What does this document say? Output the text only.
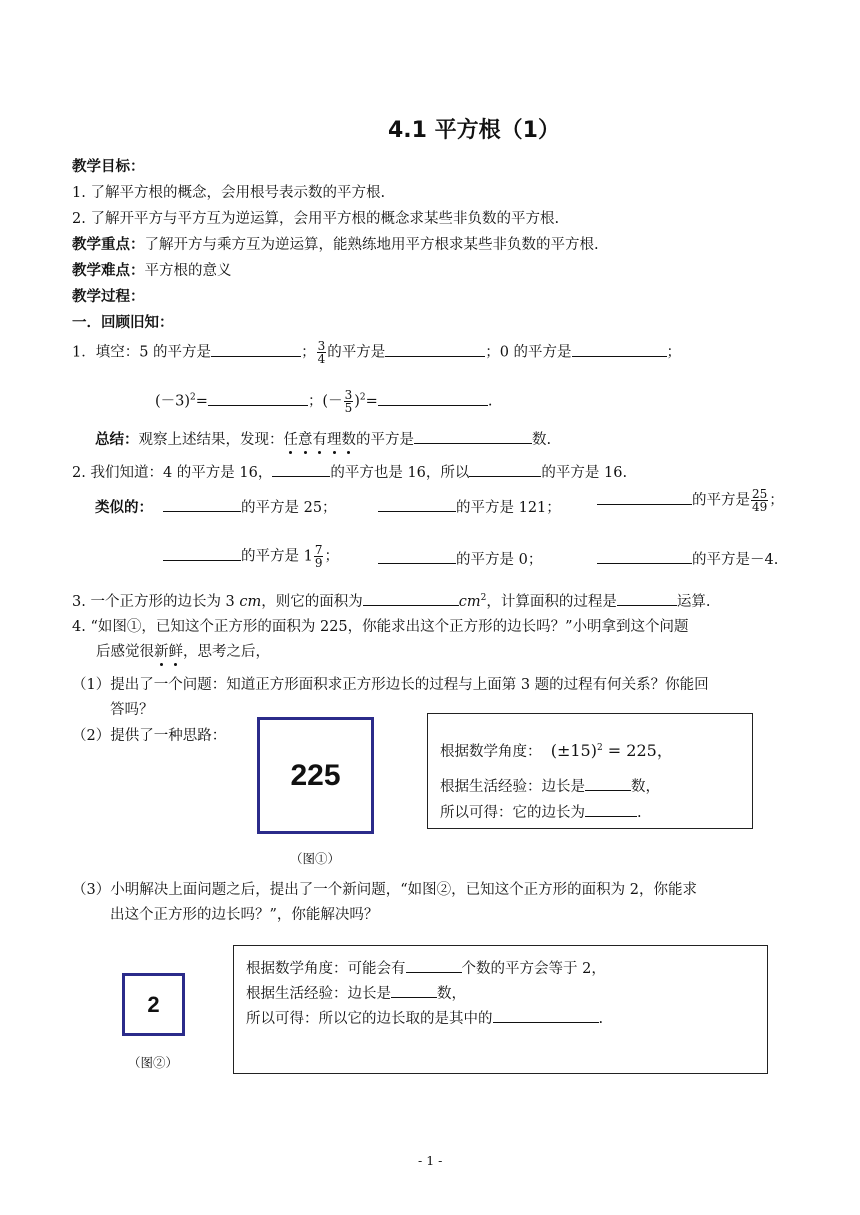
4.1 平方根（1）
教学目标：
1. 了解平方根的概念，会用根号表示数的平方根.
2. 了解开平方与平方互为逆运算，会用平方根的概念求某些非负数的平方根.
教学重点：了解开方与乘方互为逆运算，能熟练地用平方根求某些非负数的平方根.
教学难点：平方根的意义
教学过程：
一．回顾旧知：
1．填空：5 的平方是	； $\frac{3}{4}$ 的平方是	；0 的平方是	；
$(-3)^2=$	；(－ $\frac{3}{5} )^2=$	.
总结：观察上述结果，发现：任意有理数的平方是	数.
2. 我们知道：4 的平方是 16，	的平方也是 16，所以	的平方是 16.
类似的：	的平方是 25；	的平方是 121；	的平方是 $\frac{25}{49}$ ；
的平方是 $1 \frac{7}{9}$ ；	的平方是 0；	的平方是－4.
3. 一个正方形的边长为 3 cm，则它的面积为	$cm^2$，计算面积的过程是	运算.
4. “如图①，已知这个正方形的面积为 225，你能求出这个正方形的边长吗？”小明拿到这个问题
后感觉很新鲜，思考之后，
（1）提出了一个问题：知道正方形面积求正方形边长的过程与上面第 3 题的过程有何关系？你能回
答吗？
（2）提供了一种思路：
225
（图①）
根据数学角度： $(\pm 15)^2 = 225$，
根据生活经验：边长是	数，
所以可得：它的边长为	.
（3）小明解决上面问题之后，提出了一个新问题，“如图②，已知这个正方形的面积为 2，你能求
出这个正方形的边长吗？”，你能解决吗？
2
（图②）
根据数学角度：可能会有	个数的平方会等于 2，
根据生活经验：边长是	数，
所以可得：所以它的边长取的是其中的	.
- 1 -
